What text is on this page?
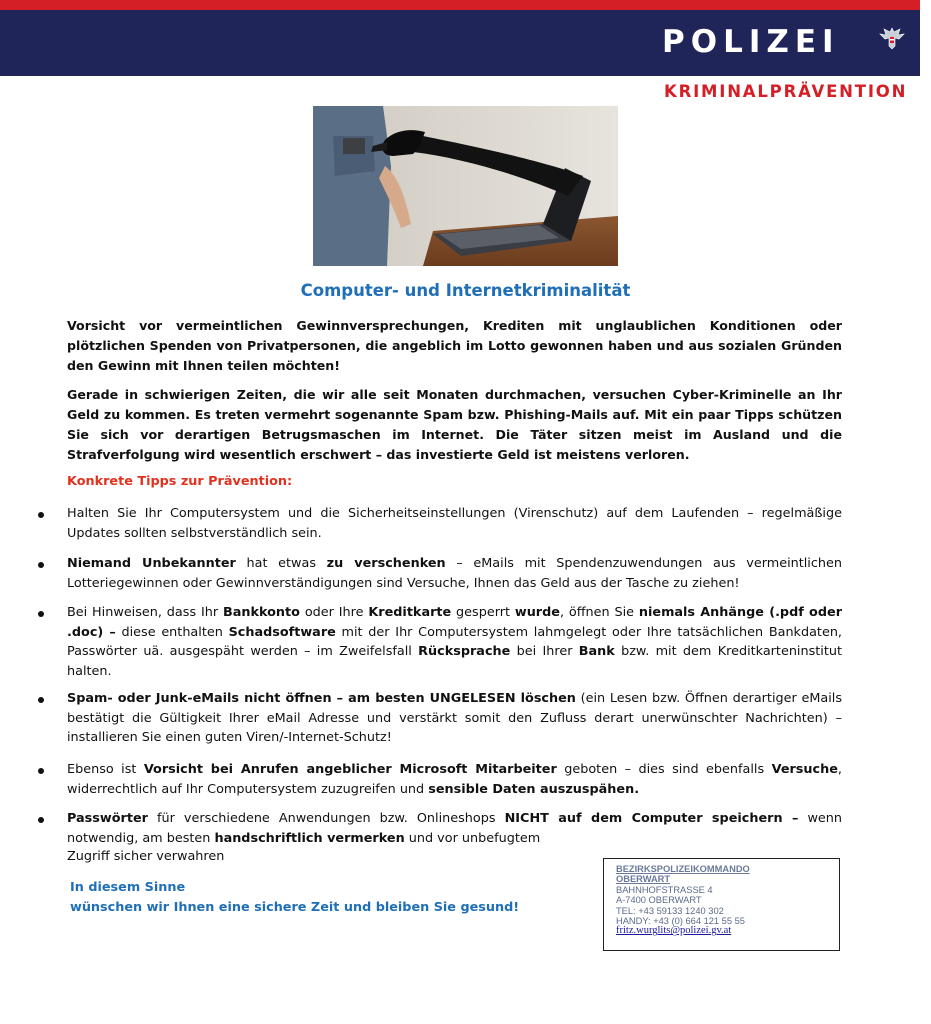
POLIZEI
KRIMINALPRÄVENTION
Computer- und Internetkriminalität
Vorsicht vor vermeintlichen Gewinnversprechungen, Krediten mit unglaublichen Konditionen oder plötzlichen Spenden von Privatpersonen, die angeblich im Lotto gewonnen haben und aus sozialen Gründen den Gewinn mit Ihnen teilen möchten!
Gerade in schwierigen Zeiten, die wir alle seit Monaten durchmachen, versuchen Cyber-Kriminelle an Ihr Geld zu kommen. Es treten vermehrt sogenannte Spam bzw. Phishing-Mails auf. Mit ein paar Tipps schützen Sie sich vor derartigen Betrugsmaschen im Internet. Die Täter sitzen meist im Ausland und die Strafverfolgung wird wesentlich erschwert – das investierte Geld ist meistens verloren.
Konkrete Tipps zur Prävention:
Halten Sie Ihr Computersystem und die Sicherheitseinstellungen (Virenschutz) auf dem Laufenden – regelmäßige Updates sollten selbstverständlich sein.
Niemand Unbekannter hat etwas zu verschenken – eMails mit Spendenzuwendungen aus vermeintlichen Lotteriegewinnen oder Gewinnverständigungen sind Versuche, Ihnen das Geld aus der Tasche zu ziehen!
Bei Hinweisen, dass Ihr Bankkonto oder Ihre Kreditkarte gesperrt wurde, öffnen Sie niemals Anhänge (.pdf oder .doc) – diese enthalten Schadsoftware mit der Ihr Computersystem lahmgelegt oder Ihre tatsächlichen Bankdaten, Passwörter uä. ausgespäht werden – im Zweifelsfall Rücksprache bei Ihrer Bank bzw. mit dem Kreditkarteninstitut halten.
Spam- oder Junk-eMails nicht öffnen – am besten UNGELESEN löschen (ein Lesen bzw. Öffnen derartiger eMails bestätigt die Gültigkeit Ihrer eMail Adresse und verstärkt somit den Zufluss derart unerwünschter Nachrichten) – installieren Sie einen guten Viren/-Internet-Schutz!
Ebenso ist Vorsicht bei Anrufen angeblicher Microsoft Mitarbeiter geboten – dies sind ebenfalls Versuche, widerrechtlich auf Ihr Computersystem zuzugreifen und sensible Daten auszuspähen.
Passwörter für verschiedene Anwendungen bzw. Onlineshops NICHT auf dem Computer speichern – wenn notwendig, am besten handschriftlich vermerken und vor unbefugtem
Zugriff sicher verwahren
In diesem Sinne
wünschen wir Ihnen eine sichere Zeit und bleiben Sie gesund!
BEZIRKSPOLIZEIKOMMANDO
OBERWART
BAHNHOFSTRASSE 4
A-7400 OBERWART
TEL: +43 59133 1240 302
HANDY: +43 (0) 664 121 55 55
fritz.wurglits@polizei.gv.at
